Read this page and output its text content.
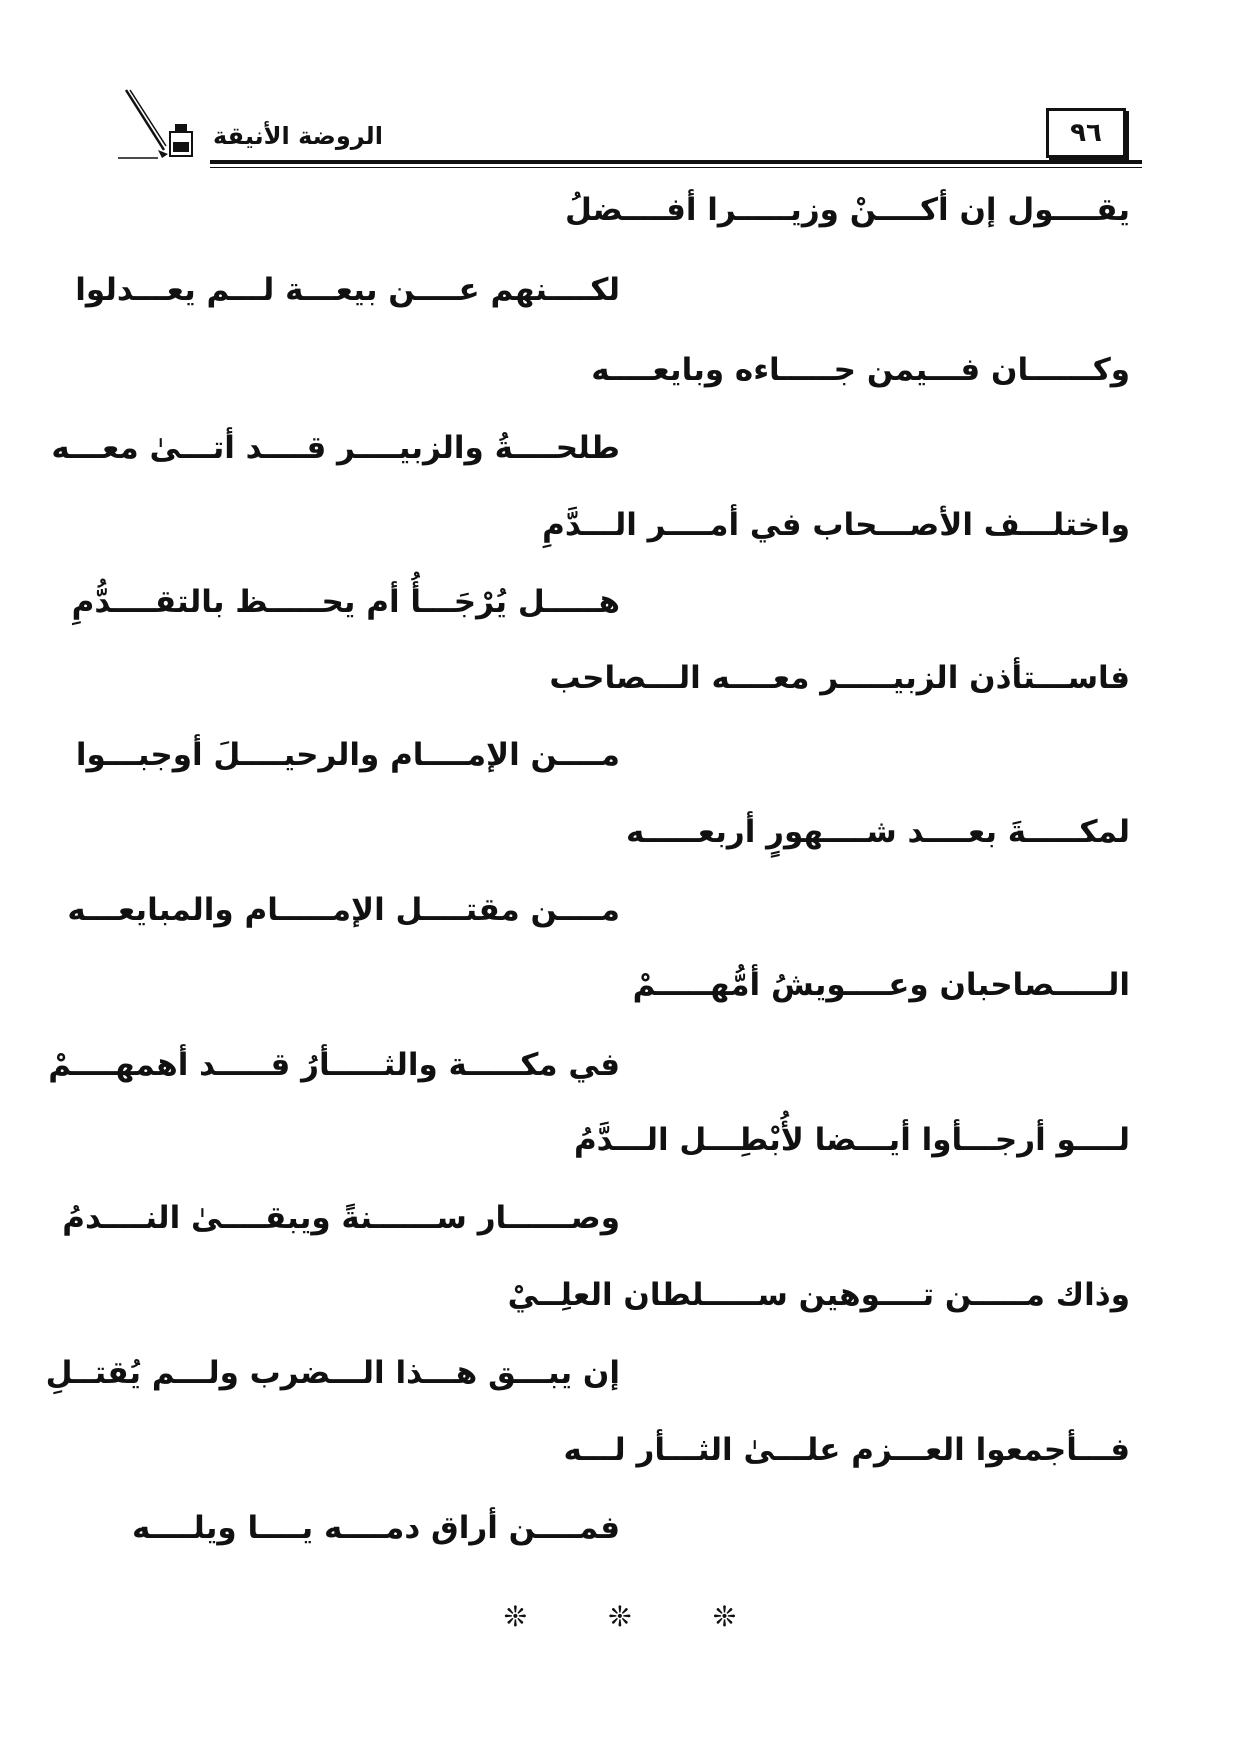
٩٦
الروضة الأنيقة
يقــــول إن أكــــنْ وزيـــــرا أفــــضلُ
لكــــنهم عــــن بيعـــة لـــم يعـــدلوا
وكــــــان فـــيمن جـــــاءه وبايعــــه
طلحــــةُ والزبيــــر قــــد أتـــىٰ معـــه
واختلـــف الأصـــحاب في أمــــر الـــدَّمِ
هـــــل يُرْجَـــأُ أم يحـــــظ بالتقــــدُّمِ
فاســـتأذن الزبيـــــر معــــه الـــصاحب
مــــن الإمــــام والرحيــــلَ أوجبـــوا
لمكـــــةَ بعــــد شــــهورٍ أربعـــــه
مــــن مقتــــل الإمـــــام والمبايعـــه
الـــــصاحبان وعــــويشُ أمُّهـــــمْ
في مكـــــة والثـــــأرُ قـــــد أهمهــــمْ
لــــو أرجـــأوا أيـــضا لأُبْطِـــل الـــدَّمُ
وصــــــار ســــــنةً ويبقــــىٰ النــــدمُ
وذاك مـــــن تــــوهين ســـــلطان العلِــيْ
إن يبـــق هـــذا الـــضرب ولـــم يُقتــلِ
فـــأجمعوا العـــزم علـــىٰ الثـــأر لـــه
فمــــن أراق دمــــه يــــا ويلــــه
❊ ❊ ❊
